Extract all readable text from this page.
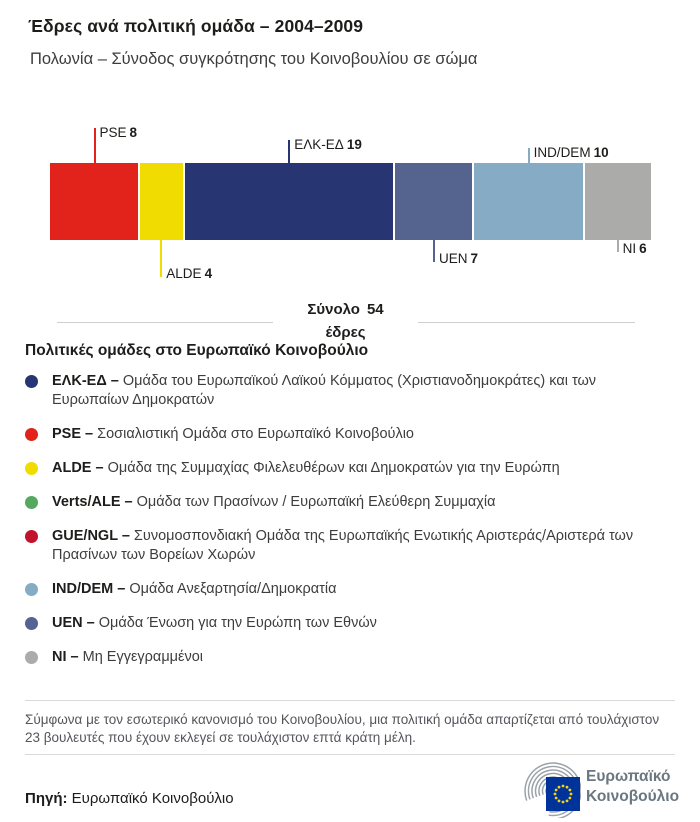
Έδρες ανά πολιτική ομάδα – 2004–2009
Πολωνία – Σύνοδος συγκρότησης του Κοινοβουλίου σε σώμα
PSE 8
ALDE 4
ΕΛΚ-ΕΔ 19
UEN 7
IND/DEM 10
NI 6
Σύνολο 54
έδρες
Πολιτικές ομάδες στο Ευρωπαϊκό Κοινοβούλιο
ΕΛΚ-ΕΔ – Ομάδα του Ευρωπαϊκού Λαϊκού Κόμματος (Χριστιανοδημοκράτες) και των Ευρωπαίων Δημοκρατών
PSE – Σοσιαλιστική Ομάδα στο Ευρωπαϊκό Κοινοβούλιο
ALDE – Ομάδα της Συμμαχίας Φιλελευθέρων και Δημοκρατών για την Ευρώπη
Verts/ALE – Ομάδα των Πρασίνων / Ευρωπαϊκή Ελεύθερη Συμμαχία
GUE/NGL – Συνομοσπονδιακή Ομάδα της Ευρωπαϊκής Ενωτικής Αριστεράς/Αριστερά των Πρασίνων των Βορείων Χωρών
IND/DEM – Ομάδα Ανεξαρτησία/Δημοκρατία
UEN – Ομάδα Ένωση για την Ευρώπη των Εθνών
NI – Μη Εγγεγραμμένοι
Σύμφωνα με τον εσωτερικό κανονισμό του Κοινοβουλίου, μια πολιτική ομάδα απαρτίζεται από τουλάχιστον 23 βουλευτές που έχουν εκλεγεί σε τουλάχιστον επτά κράτη μέλη.
Πηγή: Ευρωπαϊκό Κοινοβούλιο
Ευρωπαϊκό
Κοινοβούλιο
